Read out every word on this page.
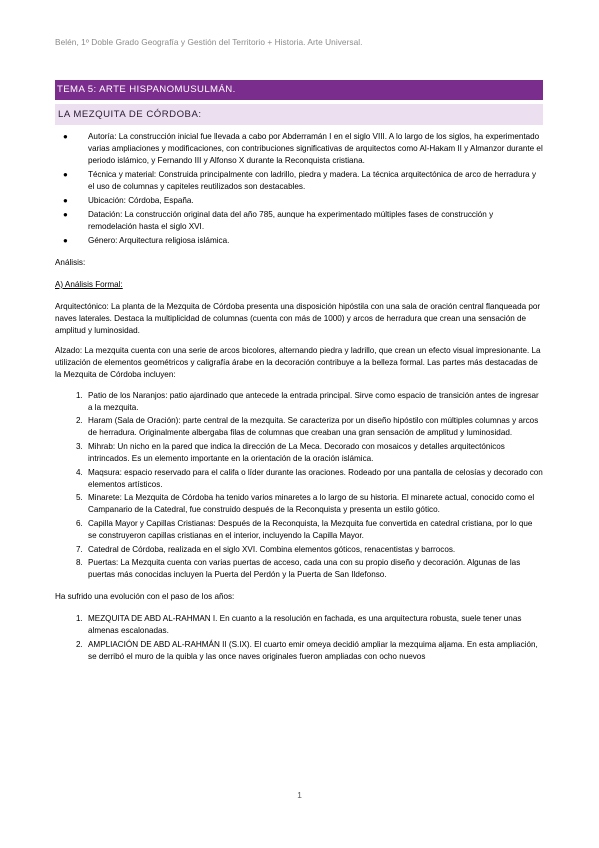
Belén, 1º Doble Grado Geografía y Gestión del Territorio + Historia. Arte Universal.
TEMA 5: ARTE HISPANOMUSULMÁN.
LA MEZQUITA DE CÓRDOBA:
● Autoría: La construcción inicial fue llevada a cabo por Abderramán I en el siglo VIII. A lo largo de los siglos, ha experimentado varias ampliaciones y modificaciones, con contribuciones significativas de arquitectos como Al-Hakam II y Almanzor durante el periodo islámico, y Fernando III y Alfonso X durante la Reconquista cristiana.
● Técnica y material: Construida principalmente con ladrillo, piedra y madera. La técnica arquitectónica de arco de herradura y el uso de columnas y capiteles reutilizados son destacables.
● Ubicación: Córdoba, España.
● Datación: La construcción original data del año 785, aunque ha experimentado múltiples fases de construcción y remodelación hasta el siglo XVI.
● Género: Arquitectura religiosa islámica.

Análisis:

A) Análisis Formal:

Arquitectónico: La planta de la Mezquita de Córdoba presenta una disposición hipóstila con una sala de oración central flanqueada por naves laterales. Destaca la multiplicidad de columnas (cuenta con más de 1000) y arcos de herradura que crean una sensación de amplitud y luminosidad.

Alzado: La mezquita cuenta con una serie de arcos bicolores, alternando piedra y ladrillo, que crean un efecto visual impresionante. La utilización de elementos geométricos y caligrafía árabe en la decoración contribuye a la belleza formal. Las partes más destacadas de la Mezquita de Córdoba incluyen:

1. Patio de los Naranjos: patio ajardinado que antecede la entrada principal. Sirve como espacio de transición antes de ingresar a la mezquita.
2. Haram (Sala de Oración): parte central de la mezquita. Se caracteriza por un diseño hipóstilo con múltiples columnas y arcos de herradura. Originalmente albergaba filas de columnas que creaban una gran sensación de amplitud y luminosidad.
3. Mihrab: Un nicho en la pared que indica la dirección de La Meca. Decorado con mosaicos y detalles arquitectónicos intrincados. Es un elemento importante en la orientación de la oración islámica.
4. Maqsura: espacio reservado para el califa o líder durante las oraciones. Rodeado por una pantalla de celosías y decorado con elementos artísticos.
5. Minarete: La Mezquita de Córdoba ha tenido varios minaretes a lo largo de su historia. El minarete actual, conocido como el Campanario de la Catedral, fue construido después de la Reconquista y presenta un estilo gótico.
6. Capilla Mayor y Capillas Cristianas: Después de la Reconquista, la Mezquita fue convertida en catedral cristiana, por lo que se construyeron capillas cristianas en el interior, incluyendo la Capilla Mayor.
7. Catedral de Córdoba, realizada en el siglo XVI. Combina elementos góticos, renacentistas y barrocos.
8. Puertas: La Mezquita cuenta con varias puertas de acceso, cada una con su propio diseño y decoración. Algunas de las puertas más conocidas incluyen la Puerta del Perdón y la Puerta de San Ildefonso.

Ha sufrido una evolución con el paso de los años:

1. MEZQUITA DE ABD AL-RAHMAN I. En cuanto a la resolución en fachada, es una arquitectura robusta, suele tener unas almenas escalonadas.
2. AMPLIACIÓN DE ABD AL-RAHMÁN II (S.IX). El cuarto emir omeya decidió ampliar la mezquima aljama. En esta ampliación, se derribó el muro de la quibla y las once naves originales fueron ampliadas con ocho nuevos
1
